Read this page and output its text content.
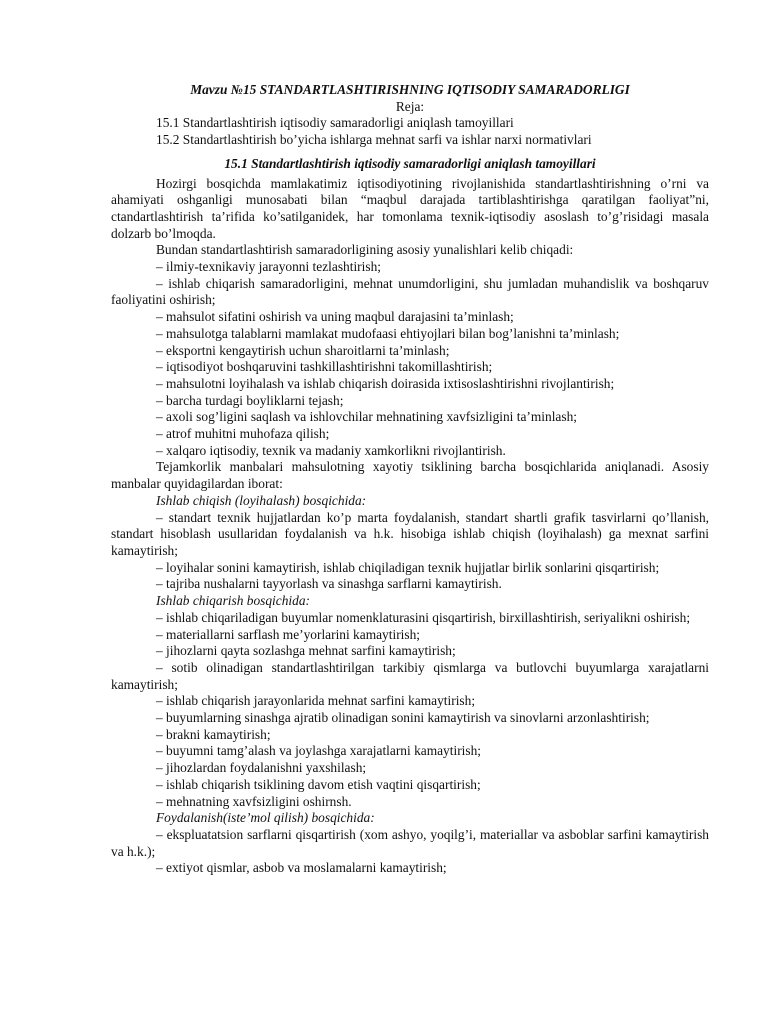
Mavzu №15 STANDARTLASHTIRISHNING IQTISODIY SAMARADORLIGI

Reja:

15.1 Standartlashtirish iqtisodiy samaradorligi aniqlash tamoyillari

15.2 Standartlashtirish bo’yicha ishlarga mehnat sarfi va ishlar narxi normativlari

15.1 Standartlashtirish iqtisodiy samaradorligi aniqlash tamoyillari

Hozirgi bosqichda mamlakatimiz iqtisodiyotining rivojlanishida standartlashtirishning o’rni va ahamiyati oshganligi munosabati bilan “maqbul darajada tartiblashtirishga qaratilgan faoliyat”ni, ctandartlashtirish ta’rifida ko’satilganidek, har tomonlama texnik-iqtisodiy asoslash to’g’risidagi masala dolzarb bo’lmoqda.

Bundan standartlashtirish samaradorligining asosiy yunalishlari kelib chiqadi:

– ilmiy-texnikaviy jarayonni tezlashtirish;

– ishlab chiqarish samaradorligini, mehnat unumdorligini, shu jumladan muhandislik va boshqaruv faoliyatini oshirish;

– mahsulot sifatini oshirish va uning maqbul darajasini ta’minlash;

– mahsulotga talablarni mamlakat mudofaasi ehtiyojlari bilan bog’lanishni ta’minlash;

– eksportni kengaytirish uchun sharoitlarni ta’minlash;

– iqtisodiyot boshqaruvini tashkillashtirishni takomillashtirish;

– mahsulotni loyihalash va ishlab chiqarish doirasida ixtisoslashtirishni rivojlantirish;

– barcha turdagi boyliklarni tejash;

– axoli sog’ligini saqlash va ishlovchilar mehnatining xavfsizligini ta’minlash;

– atrof muhitni muhofaza qilish;

– xalqaro iqtisodiy, texnik va madaniy xamkorlikni rivojlantirish.

Tejamkorlik manbalari mahsulotning xayotiy tsiklining barcha bosqichlarida aniqlanadi. Asosiy manbalar quyidagilardan iborat:

Ishlab chiqish (loyihalash) bosqichida:

– standart texnik hujjatlardan ko’p marta foydalanish, standart shartli grafik tasvirlarni qo’llanish, standart hisoblash usullaridan foydalanish va h.k. hisobiga ishlab chiqish (loyihalash) ga mexnat sarfini kamaytirish;

– loyihalar sonini kamaytirish, ishlab chiqiladigan texnik hujjatlar birlik sonlarini qisqartirish;

– tajriba nushalarni tayyorlash va sinashga sarflarni kamaytirish.

Ishlab chiqarish bosqichida:

– ishlab chiqariladigan buyumlar nomenklaturasini qisqartirish, birxillashtirish, seriyalikni oshirish;

– materiallarni sarflash me’yorlarini kamaytirish;

– jihozlarni qayta sozlashga mehnat sarfini kamaytirish;

– sotib olinadigan standartlashtirilgan tarkibiy qismlarga va butlovchi buyumlarga xarajatlarni kamaytirish;

– ishlab chiqarish jarayonlarida mehnat sarfini kamaytirish;

– buyumlarning sinashga ajratib olinadigan sonini kamaytirish va sinovlarni arzonlashtirish;

– brakni kamaytirish;

– buyumni tamg’alash va joylashga xarajatlarni kamaytirish;

– jihozlardan foydalanishni yaxshilash;

– ishlab chiqarish tsiklining davom etish vaqtini qisqartirish;

– mehnatning xavfsizligini oshirnsh.

Foydalanish(iste’mol qilish) bosqichida:

– ekspluatatsion sarflarni qisqartirish (xom ashyo, yoqilg’i, materiallar va asboblar sarfini kamaytirish va h.k.);

– extiyot qismlar, asbob va moslamalarni kamaytirish;
